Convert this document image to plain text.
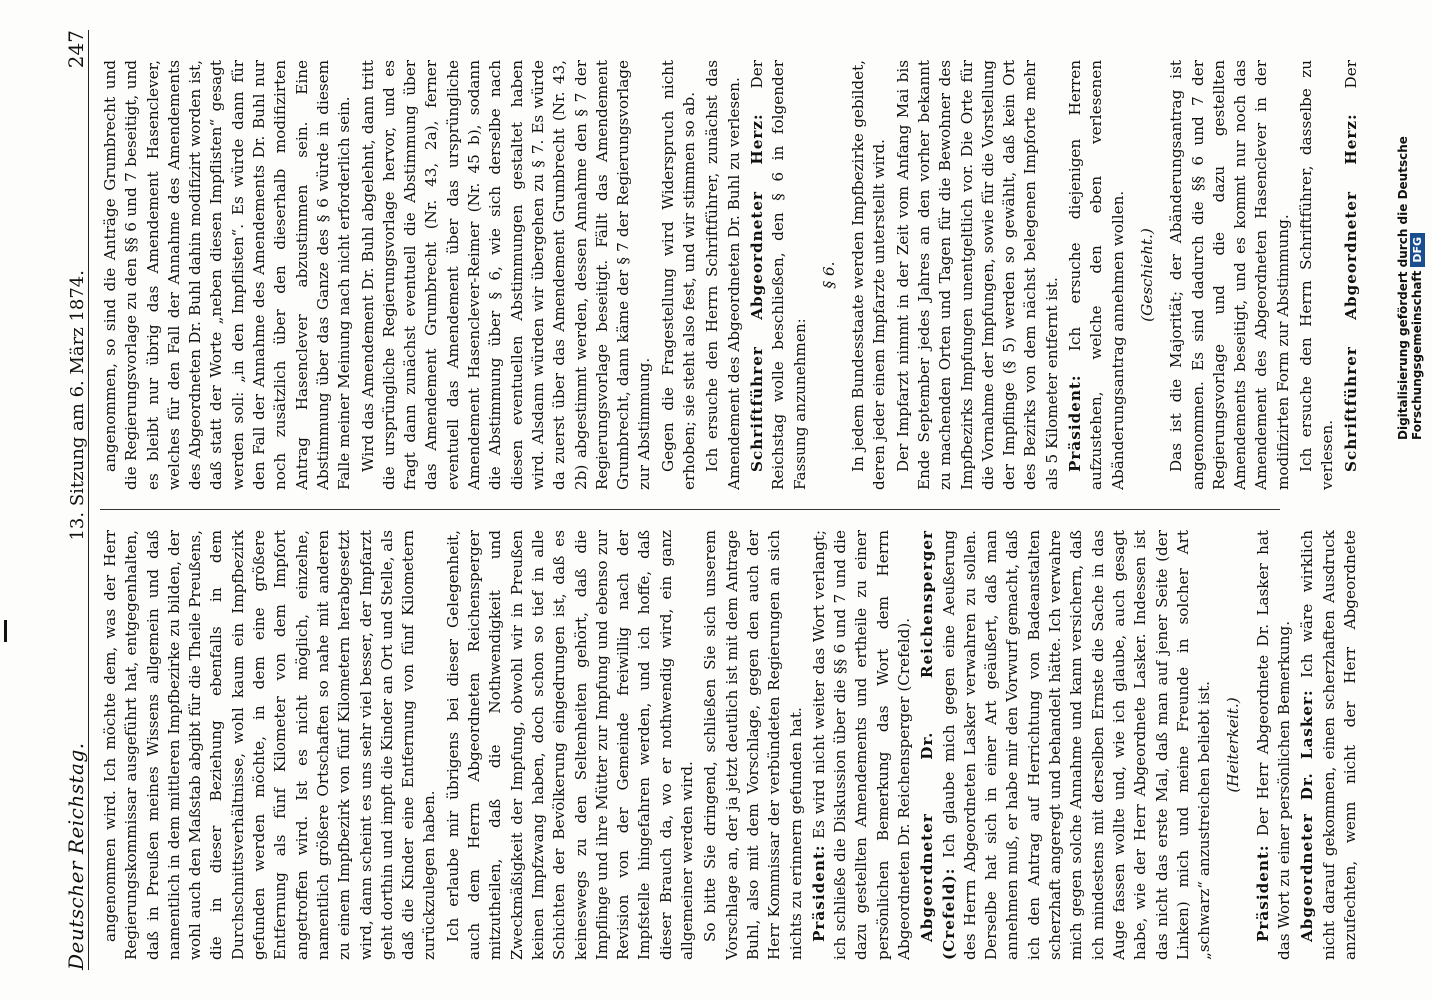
Deutscher Reichstag.
13. Sitzung am 6. März 1874.
247

angenommen wird. Ich möchte dem, was der Herr Regierungskommissar ausgeführt hat, entgegenhalten, daß in Preußen meines Wissens allgemein und daß namentlich in dem mittleren Impfbezirke zu bilden, der wohl auch den Maßstab abgibt für die Theile Preußens, die in dieser Beziehung ebenfalls in dem Durchschnittsverhältnisse, wohl kaum ein Impfbezirk gefunden werden möchte, in dem eine größere Entfernung als fünf Kilometer von dem Impfort angetroffen wird. Ist es nicht möglich, einzelne, namentlich größere Ortschaften so nahe mit anderen zu einem Impfbezirk von fünf Kilometern herabgesetzt wird, dann scheint es uns sehr viel besser, der Impfarzt geht dorthin und impft die Kinder an Ort und Stelle, als daß die Kinder eine Entfernung von fünf Kilometern zurückzulegen haben. Ich erlaube mir übrigens bei dieser Gelegenheit, auch dem Herrn Abgeordneten Reichensperger mitzutheilen, daß die Nothwendigkeit und Zweckmäßigkeit der Impfung, obwohl wir in Preußen keinen Impfzwang haben, doch schon so tief in alle Schichten der Bevölkerung eingedrungen ist, daß es keineswegs zu den Seltenheiten gehört, daß die Impflinge und ihre Mütter zur Impfung und ebenso zur Revision von der Gemeinde freiwillig nach der Impfstelle hingefahren werden, und ich hoffe, daß dieser Brauch da, wo er nothwendig wird, ein ganz allgemeiner werden wird. So bitte Sie dringend, schließen Sie sich unserem Vorschlage an, der ja jetzt deutlich ist mit dem Antrage Buhl, also mit dem Vorschlage, gegen den auch der Herr Kommissar der verbündeten Regierungen an sich nichts zu erinnern gefunden hat. Präsident: Es wird nicht weiter das Wort verlangt; ich schließe die Diskussion über die §§ 6 und 7 und die dazu gestellten Amendements und ertheile zu einer persönlichen Bemerkung das Wort dem Herrn Abgeordneten Dr. Reichensperger (Crefeld). Abgeordneter Dr. Reichensperger (Crefeld): Ich glaube mich gegen eine Aeußerung des Herrn Abgeordneten Lasker verwahren zu sollen. Derselbe hat sich in einer Art geäußert, daß man annehmen muß, er habe mir den Vorwurf gemacht, daß ich den Antrag auf Herrichtung von Badeanstalten scherzhaft angeregt und behandelt hätte. Ich verwahre mich gegen solche Annahme und kann versichern, daß ich mindestens mit derselben Ernste die Sache in das Auge fassen wollte und, wie ich glaube, auch gesagt habe, wie der Herr Abgeordnete Lasker. Indessen ist das nicht das erste Mal, daß man auf jener Seite (der Linken) mich und meine Freunde in solcher Art „schwarz“ anzustreichen beliebt ist. (Heiterkeit.)

Präsident: Der Herr Abgeordnete Dr. Lasker hat das Wort zu einer persönlichen Bemerkung. Abgeordneter Dr. Lasker: Ich wäre wirklich nicht darauf gekommen, einen scherzhaften Ausdruck anzufechten, wenn nicht der Herr Abgeordnete

angenommen, so sind die Anträge Grumbrecht und die Regierungsvorlage zu den §§ 6 und 7 beseitigt, und es bleibt nur übrig das Amendement Hasenclever, welches für den Fall der Annahme des Amendements des Abgeordneten Dr. Buhl dahin modifizirt worden ist, daß statt der Worte „neben diesen Impflisten“ gesagt werden soll: „in den Impflisten“. Es würde dann für den Fall der Annahme des Amendements Dr. Buhl nur noch zusätzlich über den dieserhalb modifizirten Antrag Hasenclever abzustimmen sein. Eine Abstimmung über das Ganze des § 6 würde in diesem Falle meiner Meinung nach nicht erforderlich sein. Wird das Amendement Dr. Buhl abgelehnt, dann tritt die ursprüngliche Regierungsvorlage hervor, und es fragt dann zunächst eventuell die Abstimmung über das Amendement Grumbrecht (Nr. 43, 2a), ferner eventuell das Amendement über das ursprüngliche Amendement Hasenclever-Reimer (Nr. 45 b), sodann die Abstimmung über § 6, wie sich derselbe nach diesen eventuellen Abstimmungen gestaltet haben wird. Alsdann würden wir übergehen zu § 7. Es würde da zuerst über das Amendement Grumbrecht (Nr. 43, 2b) abgestimmt werden, dessen Annahme den § 7 der Regierungsvorlage beseitigt. Fällt das Amendement Grumbrecht, dann käme der § 7 der Regierungsvorlage zur Abstimmung. Gegen die Fragestellung wird Widerspruch nicht erhoben; sie steht also fest, und wir stimmen so ab. Ich ersuche den Herrn Schriftführer, zunächst das Amendement des Abgeordneten Dr. Buhl zu verlesen. Schriftführer Abgeordneter Herz: Der Reichstag wolle beschließen, den § 6 in folgender Fassung anzunehmen:

§ 6. In jedem Bundesstaate werden Impfbezirke gebildet, deren jeder einem Impfarzte unterstellt wird. Der Impfarzt nimmt in der Zeit vom Anfang Mai bis Ende September jedes Jahres an den vorher bekannt zu machenden Orten und Tagen für die Bewohner des Impfbezirks Impfungen unentgeltlich vor. Die Orte für die Vornahme der Impfungen, sowie für die Vorstellung der Impflinge (§ 5) werden so gewählt, daß kein Ort des Bezirks von dem nächst belegenen Impforte mehr als 5 Kilometer entfernt ist. Präsident: Ich ersuche diejenigen Herren aufzustehen, welche den eben verlesenen Abänderungsantrag annehmen wollen. (Geschieht.) Das ist die Majorität; der Abänderungsantrag ist angenommen. Es sind dadurch die §§ 6 und 7 der Regierungsvorlage und die dazu gestellten Amendements beseitigt, und es kommt nur noch das Amendement des Abgeordneten Hasenclever in der modifizirten Form zur Abstimmung. Ich ersuche den Herrn Schriftführer, dasselbe zu verlesen. Schriftführer Abgeordneter Herz: Der

Digitalisierung gefördert durch die Deutsche ForschungsgemeinschaftDFG
